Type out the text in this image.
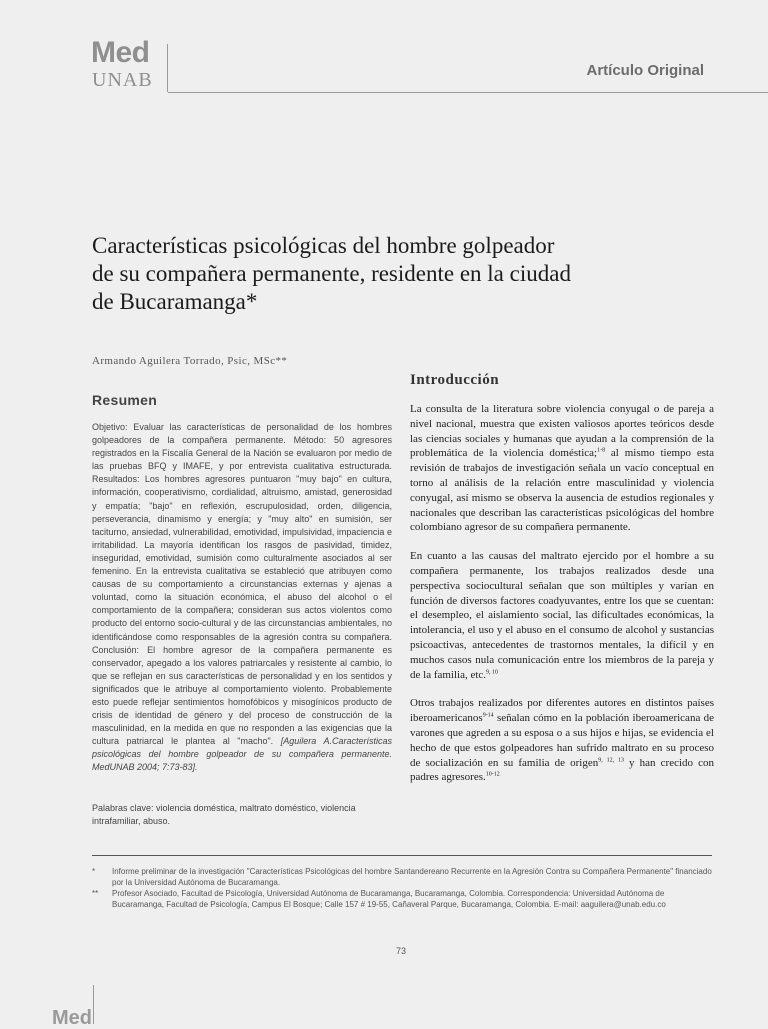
Med
UNAB	Artículo Original
Características psicológicas del hombre golpeador de su compañera permanente, residente en la ciudad de Bucaramanga*
Armando Aguilera Torrado, Psic, MSc**
Resumen

Objetivo: Evaluar las características de personalidad de los hombres golpeadores de la compañera permanente. Método: 50 agresores registrados en la Fiscalía General de la Nación se evaluaron por medio de las pruebas BFQ y IMAFE, y por entrevista cualitativa estructurada. Resultados: Los hombres agresores puntuaron "muy bajo" en cultura, información, cooperativismo, cordialidad, altruismo, amistad, generosidad y empatía; "bajo" en reflexión, escrupulosidad, orden, diligencia, perseverancia, dinamismo y energía; y "muy alto" en sumisión, ser taciturno, ansiedad, vulnerabilidad, emotividad, impulsividad, impaciencia e irritabilidad. La mayoría identifican los rasgos de pasividad, timidez, inseguridad, emotividad, sumisión como culturalmente asociados al ser femenino. En la entrevista cualitativa se estableció que atribuyen como causas de su comportamiento a circunstancias externas y ajenas a voluntad, como la situación económica, el abuso del alcohol o el comportamiento de la compañera; consideran sus actos violentos como producto del entorno socio-cultural y de las circunstancias ambientales, no identificándose como responsables de la agresión contra su compañera. Conclusión: El hombre agresor de la compañera permanente es conservador, apegado a los valores patriarcales y resistente al cambio, lo que se reflejan en sus características de personalidad y en los sentidos y significados que le atribuye al comportamiento violento. Probablemente esto puede reflejar sentimientos homofóbicos y misogínicos producto de crisis de identidad de género y del proceso de construcción de la masculinidad, en la medida en que no responden a las exigencias que la cultura patriarcal le plantea al "macho". [Aguilera A.Características psicológicas del hombre golpeador de su compañera permanente. MedUNAB 2004; 7:73-83].

Palabras clave: violencia doméstica, maltrato doméstico, violencia intrafamiliar, abuso.
Introducción

La consulta de la literatura sobre violencia conyugal o de pareja a nivel nacional, muestra que existen valiosos aportes teóricos desde las ciencias sociales y humanas que ayudan a la comprensión de la problemática de la violencia doméstica;$^{1-8}$ al mismo tiempo esta revisión de trabajos de investigación señala un vacío conceptual en torno al análisis de la relación entre masculinidad y violencia conyugal, así mismo se observa la ausencia de estudios regionales y nacionales que describan las características psicológicas del hombre colombiano agresor de su compañera permanente.

En cuanto a las causas del maltrato ejercido por el hombre a su compañera permanente, los trabajos realizados desde una perspectiva sociocultural señalan que son múltiples y varían en función de diversos factores coadyuvantes, entre los que se cuentan: el desempleo, el aislamiento social, las dificultades económicas, la intolerancia, el uso y el abuso en el consumo de alcohol y sustancias psicoactivas, antecedentes de trastornos mentales, la difícil y en muchos casos nula comunicación entre los miembros de la pareja y de la familia, etc.$^{9, 10}$

Otros trabajos realizados por diferentes autores en distintos países iberoamericanos$^{9-14}$ señalan cómo en la población iberoamericana de varones que agreden a su esposa o a sus hijos e hijas, se evidencia el hecho de que estos golpeadores han sufrido maltrato en su proceso de socialización en su familia de origen$^{9, 12, 13}$ y han crecido con padres agresores.$^{10-12}$

*	Informe preliminar de la investigación "Características Psicológicas del hombre Santandereano Recurrente en la Agresión Contra su Compañera Permanente" financiado por la Universidad Autónoma de Bucaramanga.
**	Profesor Asociado, Facultad de Psicología, Universidad Autónoma de Bucaramanga, Bucaramanga, Colombia. Correspondencia: Universidad Autónoma de Bucaramanga, Facultad de Psicología, Campus El Bosque; Calle 157 # 19-55, Cañaveral Parque, Bucaramanga, Colombia. E-mail: aaguilera@unab.edu.co
73
Med
